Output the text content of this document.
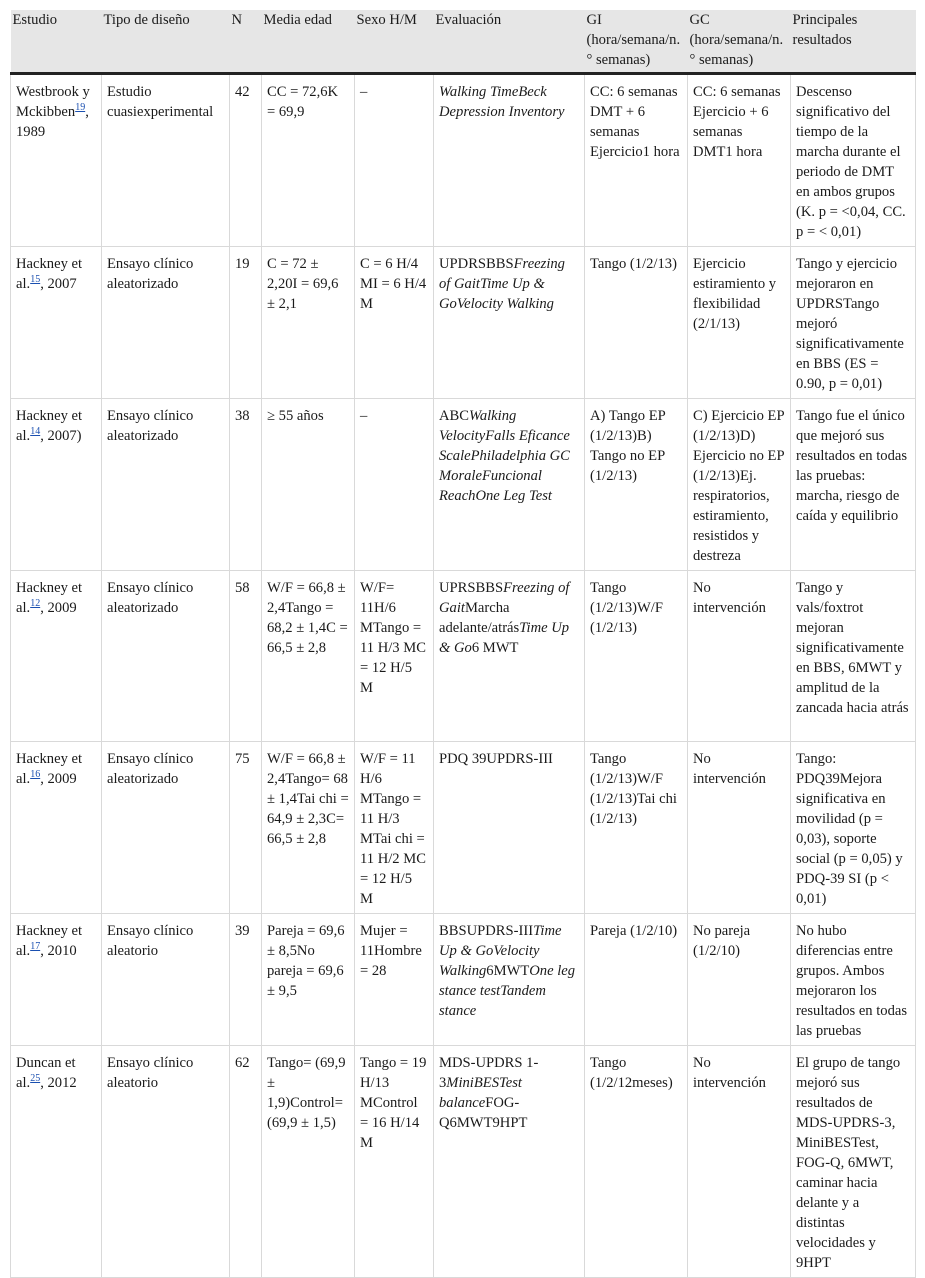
Estudio	Tipo de diseño	N	Media edad	Sexo H/M	Evaluación	GI (hora/semana/n.° semanas)	GC (hora/semana/n.° semanas)	Principales resultados
Westbrook y Mckibben$^{19}$, 1989	Estudio cuasiexperimental	42	CC = 72,6K = 69,9	–	Walking TimeBeck Depression Inventory	CC: 6 semanas DMT + 6 semanas Ejercicio1 hora	CC: 6 semanas Ejercicio + 6 semanas DMT1 hora	Descenso significativo del tiempo de la marcha durante el periodo de DMT en ambos grupos (K. p = <0,04, CC. p = < 0,01)
Hackney et al.$^{15}$, 2007	Ensayo clínico aleatorizado	19	C = 72 ± 2,20I = 69,6 ± 2,1	C = 6 H/4 MI = 6 H/4 M	UPDRSBBSFreezing of GaitTime Up & GoVelocity Walking	Tango (1/2/13)	Ejercicio estiramiento y flexibilidad (2/1/13)	Tango y ejercicio mejoraron en UPDRSTango mejoró significativamente en BBS (ES = 0.90, p = 0,01)
Hackney et al.$^{14}$, 2007)	Ensayo clínico aleatorizado	38	≥ 55 años	–	ABCWalking VelocityFalls Eficance ScalePhiladelphia GC MoraleFuncional ReachOne Leg Test	A) Tango EP (1/2/13)B) Tango no EP (1/2/13)	C) Ejercicio EP (1/2/13)D) Ejercicio no EP (1/2/13)Ej. respiratorios, estiramiento, resistidos y destreza	Tango fue el único que mejoró sus resultados en todas las pruebas: marcha, riesgo de caída y equilibrio
Hackney et al.$^{12}$, 2009	Ensayo clínico aleatorizado	58	W/F = 66,8 ± 2,4Tango = 68,2 ± 1,4C = 66,5 ± 2,8	W/F= 11H/6 MTango = 11 H/3 MC = 12 H/5 M	UPRSBBSFreezing of GaitMarcha adelante/atrásTime Up & Go6 MWT	Tango (1/2/13)W/F (1/2/13)	No intervención	Tango y vals/foxtrot mejoran significativamente en BBS, 6MWT y amplitud de la zancada hacia atrás
Hackney et al.$^{16}$, 2009	Ensayo clínico aleatorizado	75	W/F = 66,8 ± 2,4Tango= 68 ± 1,4Tai chi = 64,9 ± 2,3C= 66,5 ± 2,8	W/F = 11 H/6 MTango = 11 H/3 MTai chi = 11 H/2 MC = 12 H/5 M	PDQ 39UPDRS-III	Tango (1/2/13)W/F (1/2/13)Tai chi (1/2/13)	No intervención	Tango: PDQ39Mejora significativa en movilidad (p = 0,03), soporte social (p = 0,05) y PDQ-39 SI (p < 0,01)
Hackney et al.$^{17}$, 2010	Ensayo clínico aleatorio	39	Pareja = 69,6 ± 8,5No pareja = 69,6 ± 9,5	Mujer = 11Hombre = 28	BBSUPDRS-IIITime Up & GoVelocity Walking6MWTOne leg stance testTandem stance	Pareja (1/2/10)	No pareja (1/2/10)	No hubo diferencias entre grupos. Ambos mejoraron los resultados en todas las pruebas
Duncan et al.$^{25}$, 2012	Ensayo clínico aleatorio	62	Tango= (69,9 ± 1,9)Control= (69,9 ± 1,5)	Tango = 19 H/13 MControl = 16 H/14 M	MDS-UPDRS 1-3MiniBESTest balanceFOG-Q6MWT9HPT	Tango (1/2/12meses)	No intervención	El grupo de tango mejoró sus resultados de MDS-UPDRS-3, MiniBESTest, FOG-Q, 6MWT, caminar hacia delante y a distintas velocidades y 9HPT
